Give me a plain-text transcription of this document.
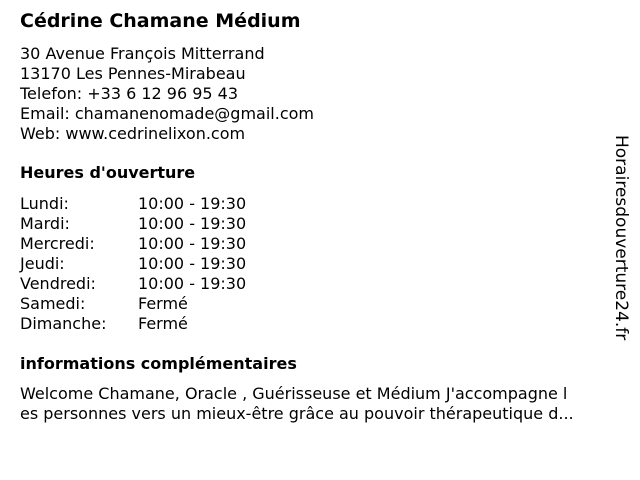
Cédrine Chamane Médium
30 Avenue François Mitterrand
13170 Les Pennes-Mirabeau
Telefon: +33 6 12 96 95 43
Email: chamanenomade@gmail.com
Web: www.cedrinelixon.com
Heures d'ouverture
Lundi:	10:00 - 19:30
Mardi:	10:00 - 19:30
Mercredi:	10:00 - 19:30
Jeudi:	10:00 - 19:30
Vendredi:	10:00 - 19:30
Samedi:	Fermé
Dimanche:	Fermé
informations complémentaires
Welcome Chamane, Oracle , Guérisseuse et Médium J'accompagne l
es personnes vers un mieux-être grâce au pouvoir thérapeutique d...
Horairesdouverture24.fr
